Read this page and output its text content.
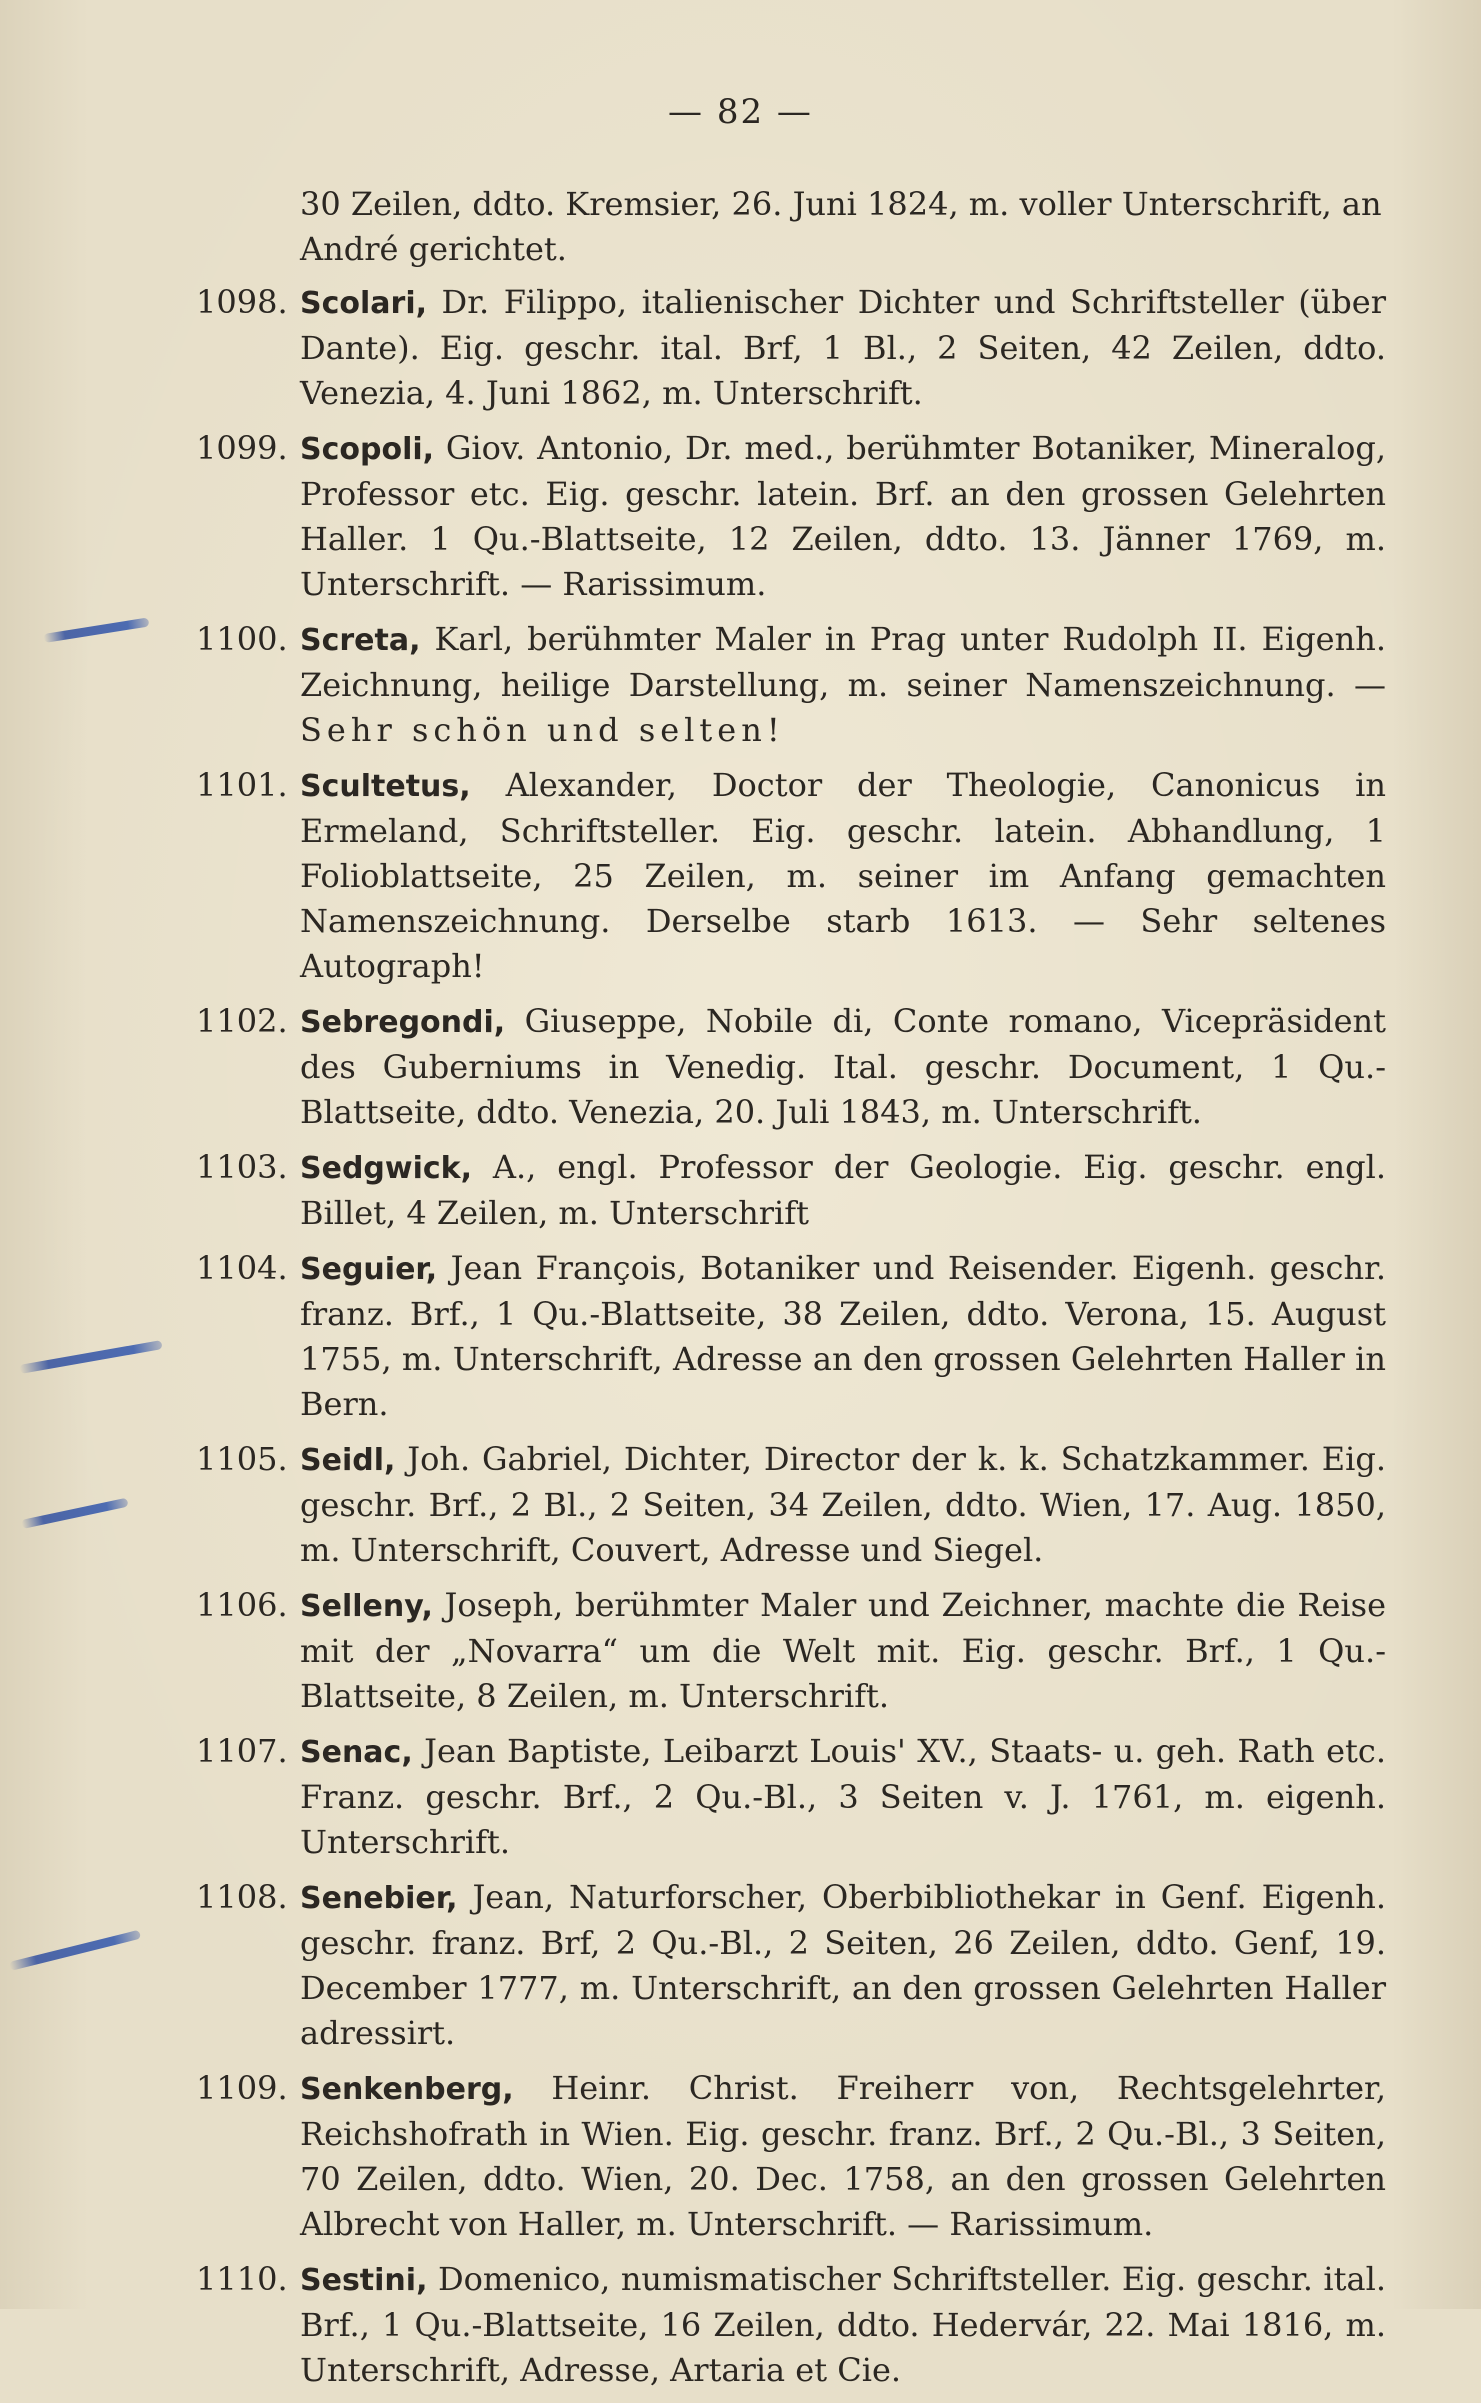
— 82 —
30 Zeilen, ddto. Kremsier, 26. Juni 1824, m. voller Unterschrift, an André gerichtet.
1098. Scolari, Dr. Filippo, italienischer Dichter und Schriftsteller (über Dante). Eig. geschr. ital. Brf, 1 Bl., 2 Seiten, 42 Zeilen, ddto. Venezia, 4. Juni 1862, m. Unterschrift.
1099. Scopoli, Giov. Antonio, Dr. med., berühmter Botaniker, Mineralog, Professor etc. Eig. geschr. latein. Brf. an den grossen Gelehrten Haller. 1 Qu.-Blattseite, 12 Zeilen, ddto. 13. Jänner 1769, m. Unterschrift. — Rarissimum.
1100. Screta, Karl, berühmter Maler in Prag unter Rudolph II. Eigenh. Zeichnung, heilige Darstellung, m. seiner Namenszeichnung. — Sehr schön und selten!
1101. Scultetus, Alexander, Doctor der Theologie, Canonicus in Ermeland, Schriftsteller. Eig. geschr. latein. Abhandlung, 1 Folioblattseite, 25 Zeilen, m. seiner im Anfang gemachten Namenszeichnung. Derselbe starb 1613. — Sehr seltenes Autograph!
1102. Sebregondi, Giuseppe, Nobile di, Conte romano, Vicepräsident des Guberniums in Venedig. Ital. geschr. Document, 1 Qu.-Blattseite, ddto. Venezia, 20. Juli 1843, m. Unterschrift.
1103. Sedgwick, A., engl. Professor der Geologie. Eig. geschr. engl. Billet, 4 Zeilen, m. Unterschrift
1104. Seguier, Jean François, Botaniker und Reisender. Eigenh. geschr. franz. Brf., 1 Qu.-Blattseite, 38 Zeilen, ddto. Verona, 15. August 1755, m. Unterschrift, Adresse an den grossen Gelehrten Haller in Bern.
1105. Seidl, Joh. Gabriel, Dichter, Director der k. k. Schatzkammer. Eig. geschr. Brf., 2 Bl., 2 Seiten, 34 Zeilen, ddto. Wien, 17. Aug. 1850, m. Unterschrift, Couvert, Adresse und Siegel.
1106. Selleny, Joseph, berühmter Maler und Zeichner, machte die Reise mit der „Novarra“ um die Welt mit. Eig. geschr. Brf., 1 Qu.-Blattseite, 8 Zeilen, m. Unterschrift.
1107. Senac, Jean Baptiste, Leibarzt Louis' XV., Staats- u. geh. Rath etc. Franz. geschr. Brf., 2 Qu.-Bl., 3 Seiten v. J. 1761, m. eigenh. Unterschrift.
1108. Senebier, Jean, Naturforscher, Oberbibliothekar in Genf. Eigenh. geschr. franz. Brf, 2 Qu.-Bl., 2 Seiten, 26 Zeilen, ddto. Genf, 19. December 1777, m. Unterschrift, an den grossen Gelehrten Haller adressirt.
1109. Senkenberg, Heinr. Christ. Freiherr von, Rechtsgelehrter, Reichshofrath in Wien. Eig. geschr. franz. Brf., 2 Qu.-Bl., 3 Seiten, 70 Zeilen, ddto. Wien, 20. Dec. 1758, an den grossen Gelehrten Albrecht von Haller, m. Unterschrift. — Rarissimum.
1110. Sestini, Domenico, numismatischer Schriftsteller. Eig. geschr. ital. Brf., 1 Qu.-Blattseite, 16 Zeilen, ddto. Hedervár, 22. Mai 1816, m. Unterschrift, Adresse, Artaria et Cie.
